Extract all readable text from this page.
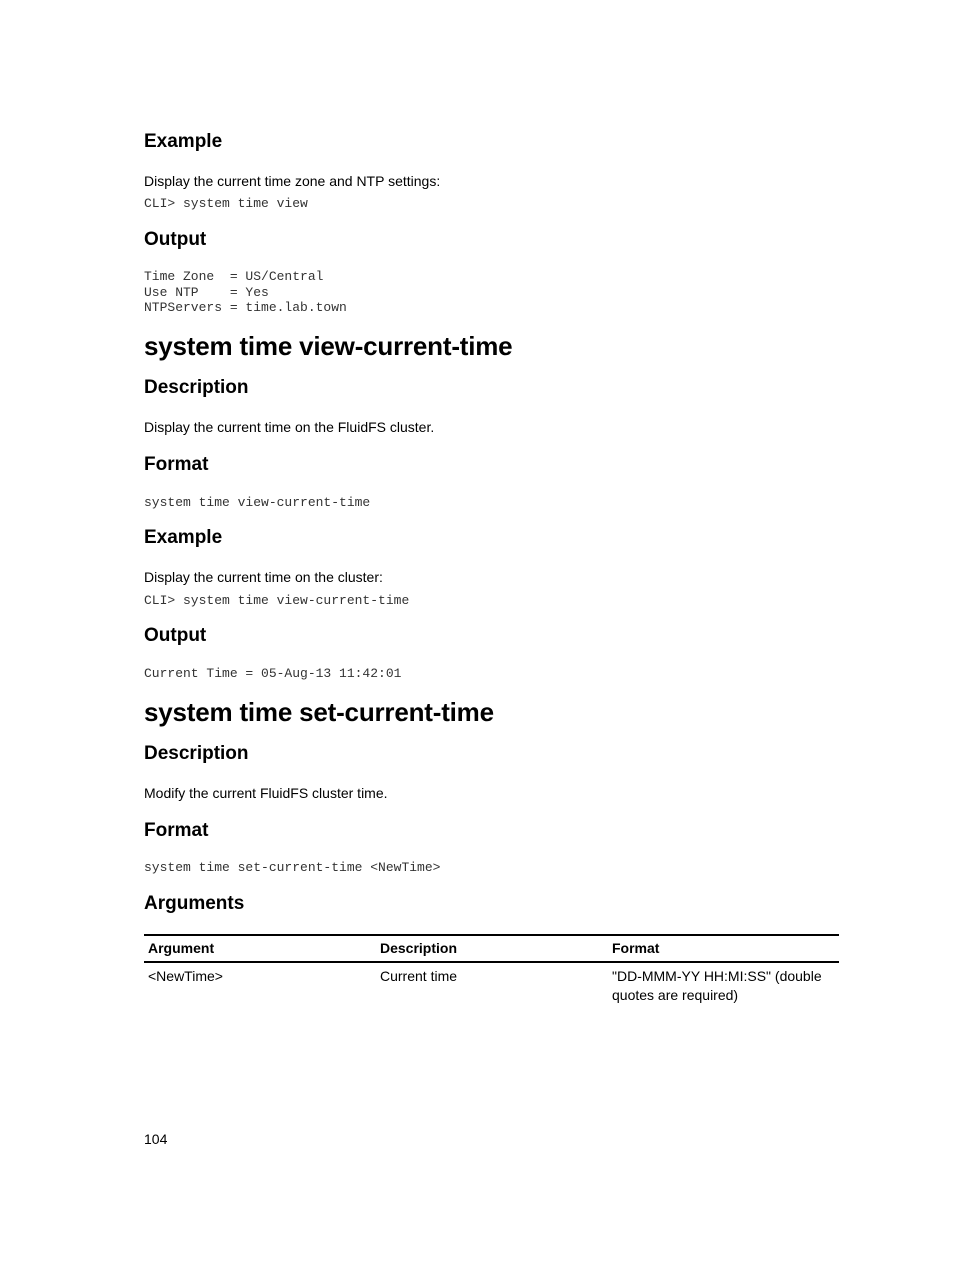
Example

Display the current time zone and NTP settings:

CLI> system time view

Output
Time Zone  = US/Central
Use NTP    = Yes
NTPServers = time.lab.town
system time view-current-time
Description

Display the current time on the FluidFS cluster.

Format

system time view-current-time

Example

Display the current time on the cluster:

CLI> system time view-current-time

Output

Current Time = 05-Aug-13 11:42:01

system time set-current-time
Description

Modify the current FluidFS cluster time.

Format

system time set-current-time <NewTime>

Arguments
Argument	Description	Format
<NewTime>	Current time	"DD-MMM-YY HH:MI:SS" (double quotes are required)
104
